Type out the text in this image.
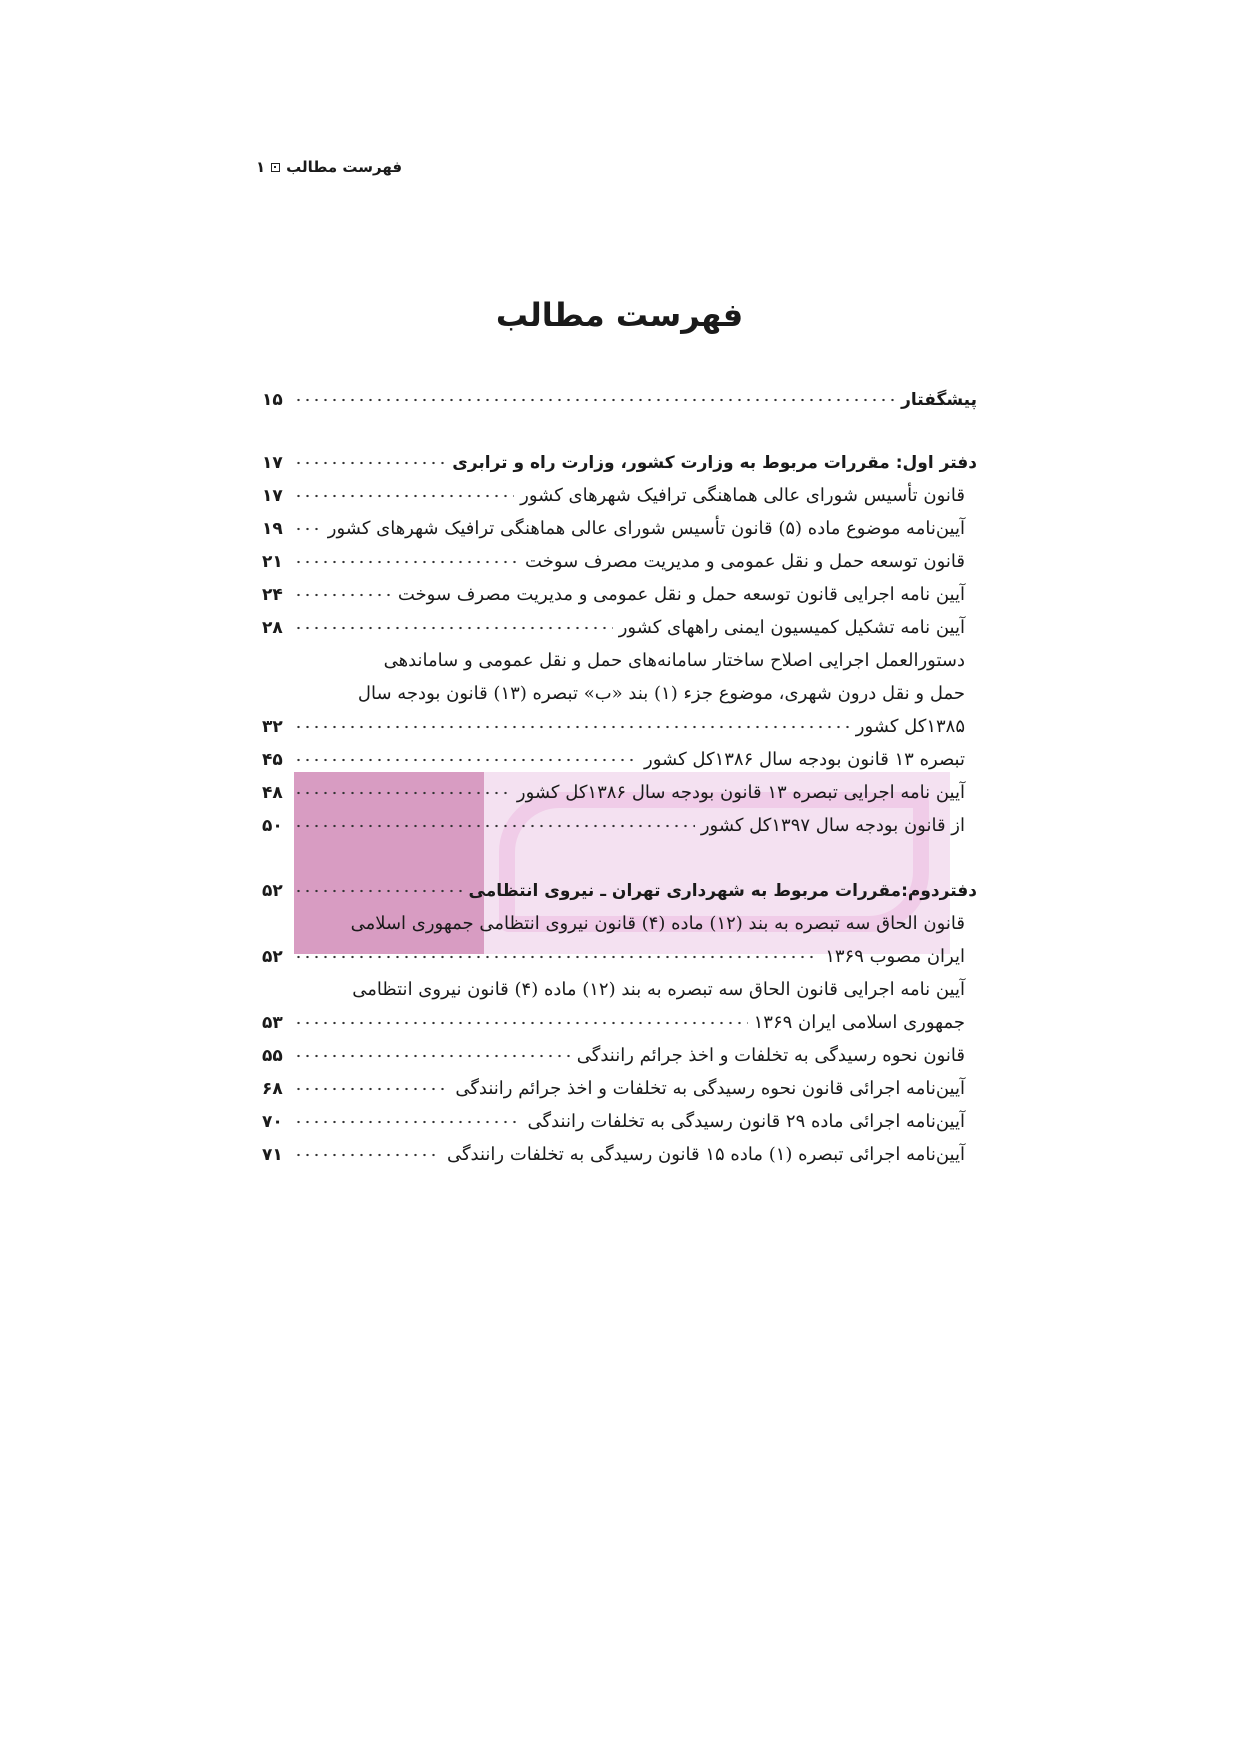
فهرست مطالب
۱
فهرست مطالب
پیشگفتار
۱۵
دفتر اول: مقررات مربوط به وزارت کشور، وزارت راه و ترابری
۱۷
قانون تأسیس شورای عالی هماهنگی ترافیک شهرهای کشور
۱۷
آیین‌نامه موضوع ماده (۵) قانون تأسیس شورای عالی هماهنگی ترافیک شهرهای کشور
۱۹
قانون توسعه حمل و نقل عمومی و مدیریت مصرف سوخت
۲۱
آیین نامه اجرایی قانون توسعه حمل و نقل عمومی و مدیریت مصرف سوخت
۲۴
آیین نامه تشکیل کمیسیون ایمنی راههای کشور
۲۸
دستورالعمل اجرایی اصلاح ساختار سامانه‌های حمل و نقل عمومی و ساماندهی
حمل و نقل درون شهری، موضوع جزء (۱) بند «ب» تبصره (۱۳) قانون بودجه سال
۱۳۸۵کل کشور
۳۲
تبصره ۱۳ قانون بودجه سال ۱۳۸۶کل کشور
۴۵
آیین نامه اجرایی تبصره ۱۳ قانون بودجه سال ۱۳۸۶کل کشور
۴۸
از قانون بودجه سال ۱۳۹۷کل کشور
۵۰
دفتردوم:مقررات مربوط به شهرداری تهران ـ نیروی انتظامی
۵۲
قانون الحاق سه تبصره به بند (۱۲) ماده (۴) قانون نیروی انتظامی جمهوری اسلامی
ایران مصوب ۱۳۶۹
۵۲
آیین نامه اجرایی قانون الحاق سه تبصره به بند (۱۲) ماده (۴) قانون نیروی انتظامی
جمهوری اسلامی ایران ۱۳۶۹
۵۳
قانون نحوه رسیدگی به تخلفات و اخذ جرائم رانندگی
۵۵
آیین‌نامه اجرائی قانون نحوه رسیدگی به تخلفات و اخذ جرائم رانندگی
۶۸
آیین‌نامه اجرائی ماده ۲۹ قانون رسیدگی به تخلفات رانندگی
۷۰
آیین‌نامه اجرائی تبصره (۱) ماده ۱۵ قانون رسیدگی به تخلفات رانندگی
۷۱
